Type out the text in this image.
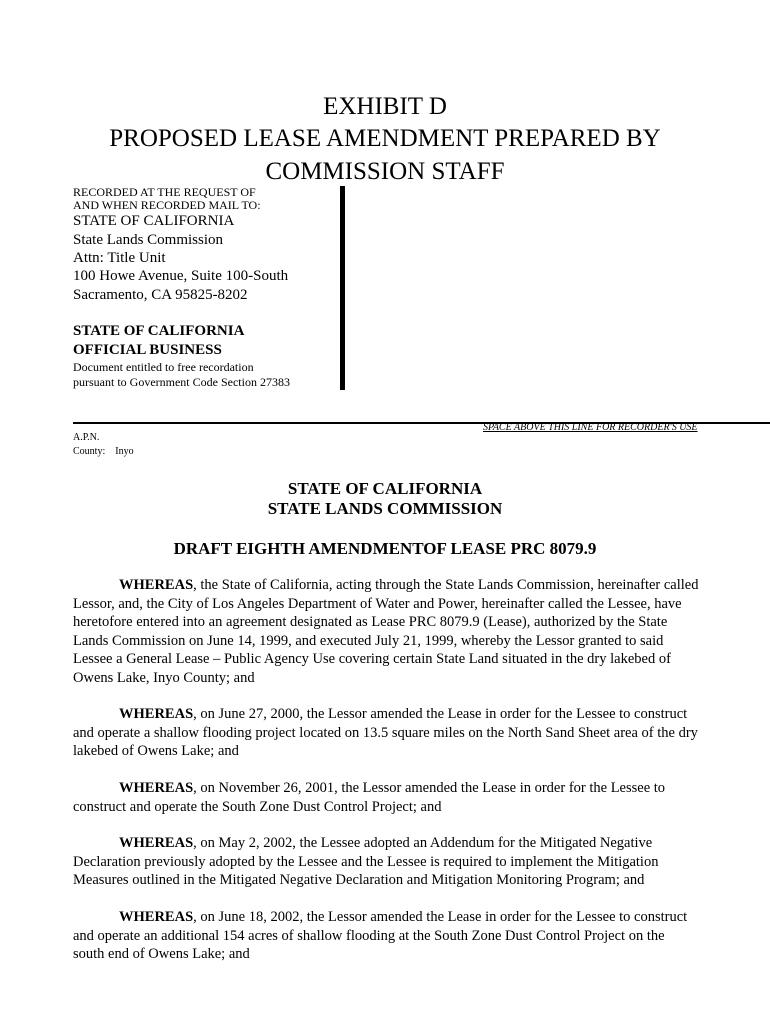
EXHIBIT D
PROPOSED LEASE AMENDMENT PREPARED BY
COMMISSION STAFF
RECORDED AT THE REQUEST OF
AND WHEN RECORDED MAIL TO:
STATE OF CALIFORNIA
State Lands Commission
Attn: Title Unit
100 Howe Avenue, Suite 100-South
Sacramento, CA 95825-8202
STATE OF CALIFORNIA
OFFICIAL BUSINESS
Document entitled to free recordation
pursuant to Government Code Section 27383
SPACE ABOVE THIS LINE FOR RECORDER'S USE
A.P.N.
County: Inyo
STATE OF CALIFORNIA
STATE LANDS COMMISSION
DRAFT EIGHTH AMENDMENTOF LEASE PRC 8079.9
WHEREAS, the State of California, acting through the State Lands Commission, hereinafter called
Lessor, and, the City of Los Angeles Department of Water and Power, hereinafter called the Lessee, have
heretofore entered into an agreement designated as Lease PRC 8079.9 (Lease), authorized by the State
Lands Commission on June 14, 1999, and executed July 21, 1999, whereby the Lessor granted to said
Lessee a General Lease – Public Agency Use covering certain State Land situated in the dry lakebed of
Owens Lake, Inyo County; and
WHEREAS, on June 27, 2000, the Lessor amended the Lease in order for the Lessee to construct
and operate a shallow flooding project located on 13.5 square miles on the North Sand Sheet area of the dry
lakebed of Owens Lake; and
WHEREAS, on November 26, 2001, the Lessor amended the Lease in order for the Lessee to
construct and operate the South Zone Dust Control Project; and
WHEREAS, on May 2, 2002, the Lessee adopted an Addendum for the Mitigated Negative
Declaration previously adopted by the Lessee and the Lessee is required to implement the Mitigation
Measures outlined in the Mitigated Negative Declaration and Mitigation Monitoring Program; and
WHEREAS, on June 18, 2002, the Lessor amended the Lease in order for the Lessee to construct
and operate an additional 154 acres of shallow flooding at the South Zone Dust Control Project on the
south end of Owens Lake; and
